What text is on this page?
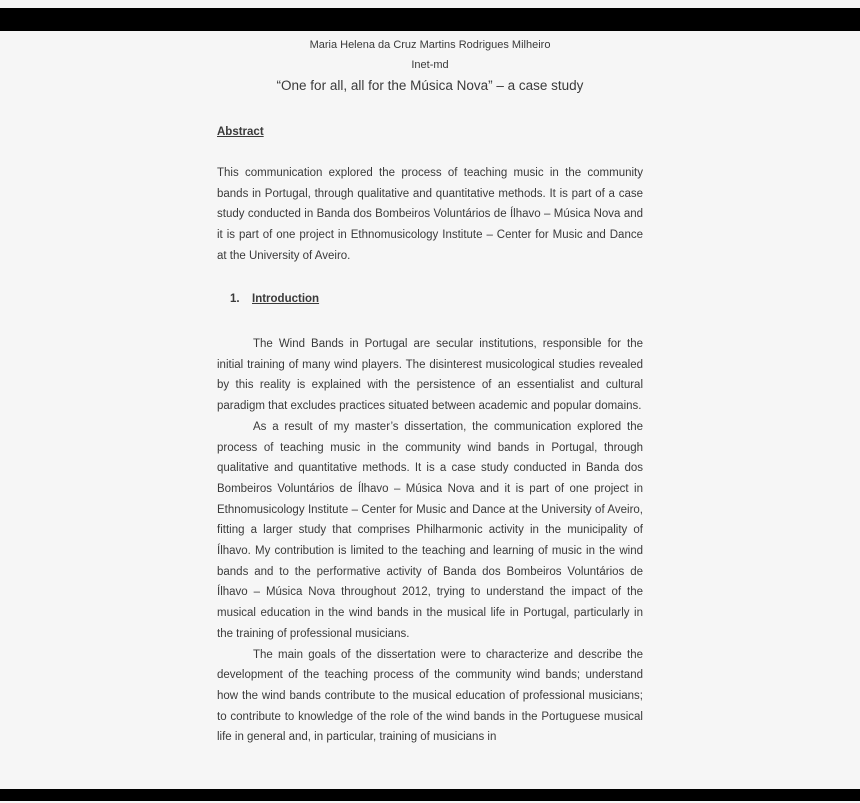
Maria Helena da Cruz Martins Rodrigues Milheiro
Inet-md
“One for all, all for the Música Nova” – a case study
Abstract

This communication explored the process of teaching music in the community bands in Portugal, through qualitative and quantitative methods. It is part of a case study conducted in Banda dos Bombeiros Voluntários de Ílhavo – Música Nova and it is part of one project in Ethnomusicology Institute – Center for Music and Dance at the University of Aveiro.

1. Introduction

The Wind Bands in Portugal are secular institutions, responsible for the initial training of many wind players. The disinterest musicological studies revealed by this reality is explained with the persistence of an essentialist and cultural paradigm that excludes practices situated between academic and popular domains.

As a result of my master’s dissertation, the communication explored the process of teaching music in the community wind bands in Portugal, through qualitative and quantitative methods. It is a case study conducted in Banda dos Bombeiros Voluntários de Ílhavo – Música Nova and it is part of one project in Ethnomusicology Institute – Center for Music and Dance at the University of Aveiro, fitting a larger study that comprises Philharmonic activity in the municipality of Ílhavo. My contribution is limited to the teaching and learning of music in the wind bands and to the performative activity of Banda dos Bombeiros Voluntários de Ílhavo – Música Nova throughout 2012, trying to understand the impact of the musical education in the wind bands in the musical life in Portugal, particularly in the training of professional musicians.

The main goals of the dissertation were to characterize and describe the development of the teaching process of the community wind bands; understand how the wind bands contribute to the musical education of professional musicians; to contribute to knowledge of the role of the wind bands in the Portuguese musical life in general and, in particular, training of musicians in
